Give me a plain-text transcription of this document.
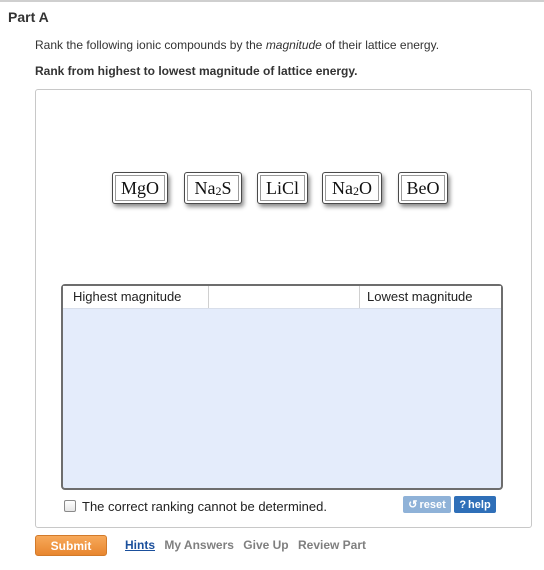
Part A
Rank the following ionic compounds by the magnitude of their lattice energy.
Rank from highest to lowest magnitude of lattice energy.
MgO $Na_2$ S LiCl $Na_2$ O BeO
Highest magnitude	Lowest magnitude
The correct ranking cannot be determined.	↺ reset ? help
Submit	Hints My Answers Give Up Review Part
